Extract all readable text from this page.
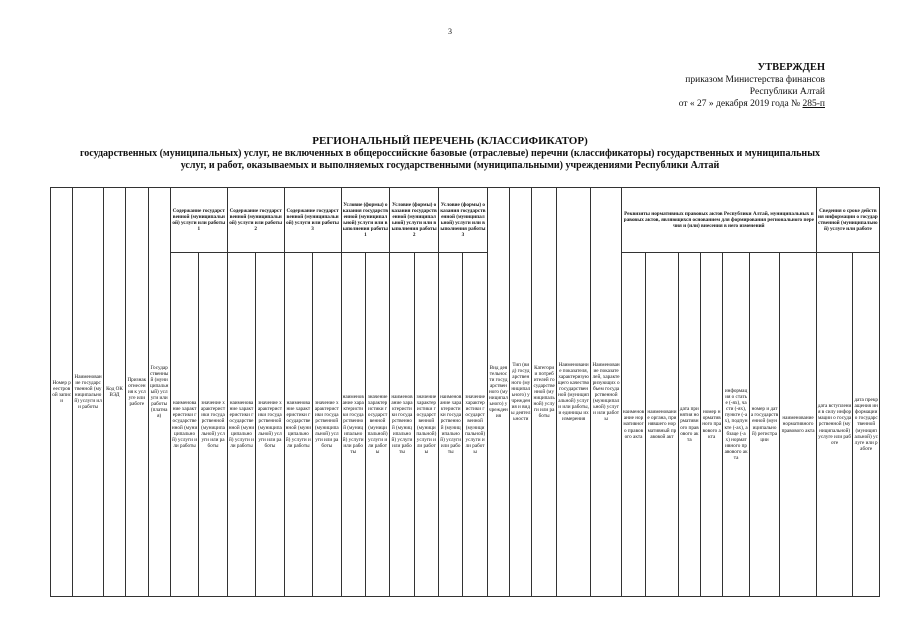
3
УТВЕРЖДЕН
приказом Министерства финансов
Республики Алтай
от « 27 » декабря 2019 года № 285-п
РЕГИОНАЛЬНЫЙ ПЕРЕЧЕНЬ (КЛАССИФИКАТОР)
государственных (муниципальных) услуг, не включенных в общероссийские базовые (отраслевые) перечни (классификаторы) государственных и муниципальных
услуг, и работ, оказываемых и выполняемых государственными (муниципальными) учреждениями Республики Алтай
Номер реестровой записи	Наименование государственной (муниципальной) услуги или работы	Код ОКВЭД	Признак отнесения к услуге или работе	Государственный (муниципальный) услуги или работы (платная)	Содержание государственной (муниципальной) услуги или работы 1		Содержание государственной (муниципальной) услуги или работы 2		Содержание государственной (муниципальной) услуги или работы 3		Условие (формы) оказания государственной (муниципальной) услуги или выполнения работы 1		Условие (формы) оказания государственной (муниципальной) услуги или выполнения работы 2		Условие (формы) оказания государственной (муниципальной) услуги или выполнения работы 3		Вид деятельности государственного (муниципального) учреждения	Тип (вид) государственного (муниципального) учреждения и виды деятельности	Категории потребителей государственной (муниципальной) услуги или работы	Наименование показателя, характеризующего качество государственной (муниципальной) услуги или работы, и единицы их измерения	Наименование показателей, характеризующих объем государственной (муниципальной) услуги или работы	Реквизиты нормативных правовых актов Республики Алтай, муниципальных правовых актов, являющихся основанием для формирования регионального перечня и (или) внесения в него изменений							Сведения о сроке действия информации о государственной (муниципальной) услуге или работе	
					наименование характеристики государственной (муниципальной) услуги или работы	значение характеристики государственной (муниципальной) услуги или работы	наименование характеристики государственной (муниципальной) услуги или работы	значение характеристики государственной (муниципальной) услуги или работы	наименование характеристики государственной (муниципальной) услуги или работы	значение характеристики государственной (муниципальной) услуги или работы	наименование характеристики государственной (муниципальной) услуги или работы	значение характеристики государственной (муниципальной) услуги или работы	наименование характеристики государственной (муниципальной) услуги или работы	значение характеристики государственной (муниципальной) услуги или работы	наименование характеристики государственной (муниципальной) услуги или работы	значение характеристики государственной (муниципальной) услуги или работы						наименование нормативного правового акта	наименование органа, принявшего нормативный правовой акт	дата принятия нормативного правового акта	номер нормативного правового акта	информация о статье (-ях), части (-ях), пункте (-ах), подпункте (-ах), абзаце (-ах) нормативного правового акта	номер и дата государственной (муниципальной) регистрации	наименование нормативного правового акта	дата вступления в силу информации о государственной (муниципальной) услуге или работе	дата прекращения информации о государственной (муниципальной) услуге или работе
